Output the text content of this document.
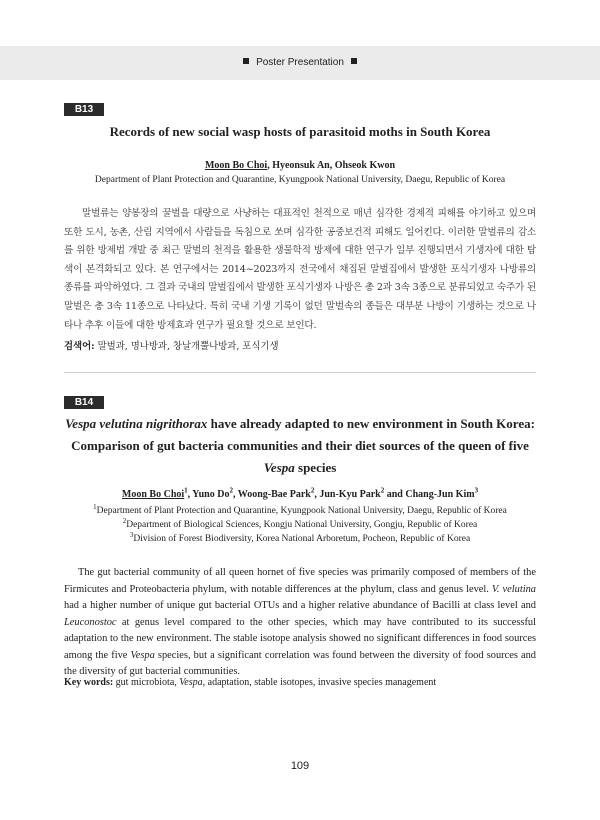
Poster Presentation
B13
Records of new social wasp hosts of parasitoid moths in South Korea
Moon Bo Choi, Hyeonsuk An, Ohseok Kwon
Department of Plant Protection and Quarantine, Kyungpook National University, Daegu, Republic of Korea
말벌류는 양봉장의 꿀벌을 대량으로 사냥하는 대표적인 천적으로 매년 심각한 경제적 피해를 야기하고 있으며 또한 도시, 농촌, 산림 지역에서 사람들을 독침으로 쏘며 심각한 공중보건적 피해도 일어킨다. 이러한 말벌류의 감소를 위한 방제법 개발 중 최근 말벌의 천적을 활용한 생물학적 방제에 대한 연구가 일부 진행되면서 기생자에 대한 탐색이 본격화되고 있다. 본 연구에서는 2014~2023까지 전국에서 채집된 말벌집에서 발생한 포식기생자 나방류의 종류를 파악하였다. 그 결과 국내의 말벌집에서 발생한 포식기생자 나방은 총 2과 3속 3종으로 분류되었고 숙주가 된 말벌은 총 3속 11종으로 나타났다. 특히 국내 기생 기록이 없던 말벌속의 종들은 대부분 나방이 기생하는 것으로 나타나 추후 이들에 대한 방제효과 연구가 필요할 것으로 보인다.
검색어: 말벌과, 명나방과, 창날개뿔나방과, 포식기생
B14
Vespa velutina nigrithorax have already adapted to new environment in South Korea: Comparison of gut bacteria communities and their diet sources of the queen of five Vespa species
Moon Bo Choi$^1$, Yuno Do$^2$, Woong-Bae Park$^2$, Jun-Kyu Park$^2$ and Chang-Jun Kim$^3$
$^1$Department of Plant Protection and Quarantine, Kyungpook National University, Daegu, Republic of Korea
$^2$Department of Biological Sciences, Kongju National University, Gongju, Republic of Korea
$^3$Division of Forest Biodiversity, Korea National Arboretum, Pocheon, Republic of Korea
The gut bacterial community of all queen hornet of five species was primarily composed of members of the Firmicutes and Proteobacteria phylum, with notable differences at the phylum, class and genus level. V. velutina had a higher number of unique gut bacterial OTUs and a higher relative abundance of Bacilli at class level and Leuconostoc at genus level compared to the other species, which may have contributed to its successful adaptation to the new environment. The stable isotope analysis showed no significant differences in food sources among the five Vespa species, but a significant correlation was found between the diversity of food sources and the diversity of gut bacterial communities.
Key words: gut microbiota, Vespa, adaptation, stable isotopes, invasive species management
109
